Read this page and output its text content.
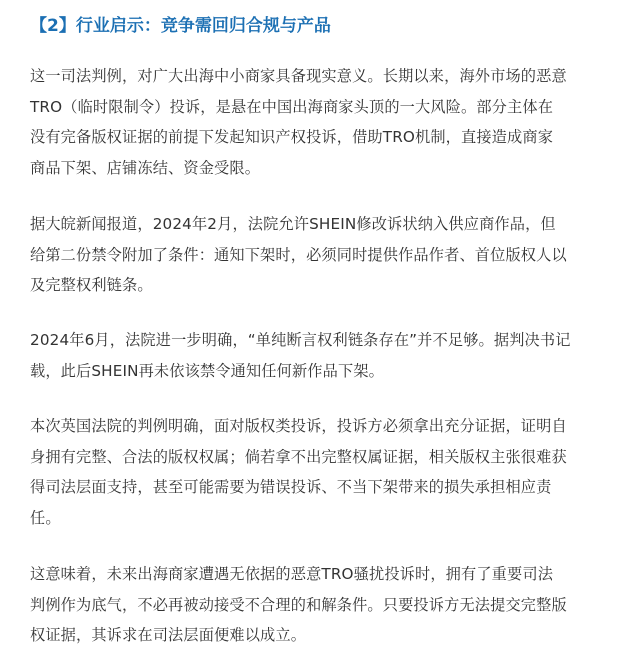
【2】行业启示：竞争需回归合规与产品

这一司法判例，对广大出海中小商家具备现实意义。长期以来，海外市场的恶意
TRO（临时限制令）投诉，是悬在中国出海商家头顶的一大风险。部分主体在
没有完备版权证据的前提下发起知识产权投诉，借助TRO机制，直接造成商家
商品下架、店铺冻结、资金受限。

据大皖新闻报道，2024年2月，法院允许SHEIN修改诉状纳入供应商作品，但
给第二份禁令附加了条件：通知下架时，必须同时提供作品作者、首位版权人以
及完整权利链条。

2024年6月，法院进一步明确，“单纯断言权利链条存在”并不足够。据判决书记
载，此后SHEIN再未依该禁令通知任何新作品下架。

本次英国法院的判例明确，面对版权类投诉，投诉方必须拿出充分证据，证明自
身拥有完整、合法的版权权属；倘若拿不出完整权属证据，相关版权主张很难获
得司法层面支持，甚至可能需要为错误投诉、不当下架带来的损失承担相应责
任。

这意味着，未来出海商家遭遇无依据的恶意TRO骚扰投诉时，拥有了重要司法
判例作为底气，不必再被动接受不合理的和解条件。只要投诉方无法提交完整版
权证据，其诉求在司法层面便难以成立。
